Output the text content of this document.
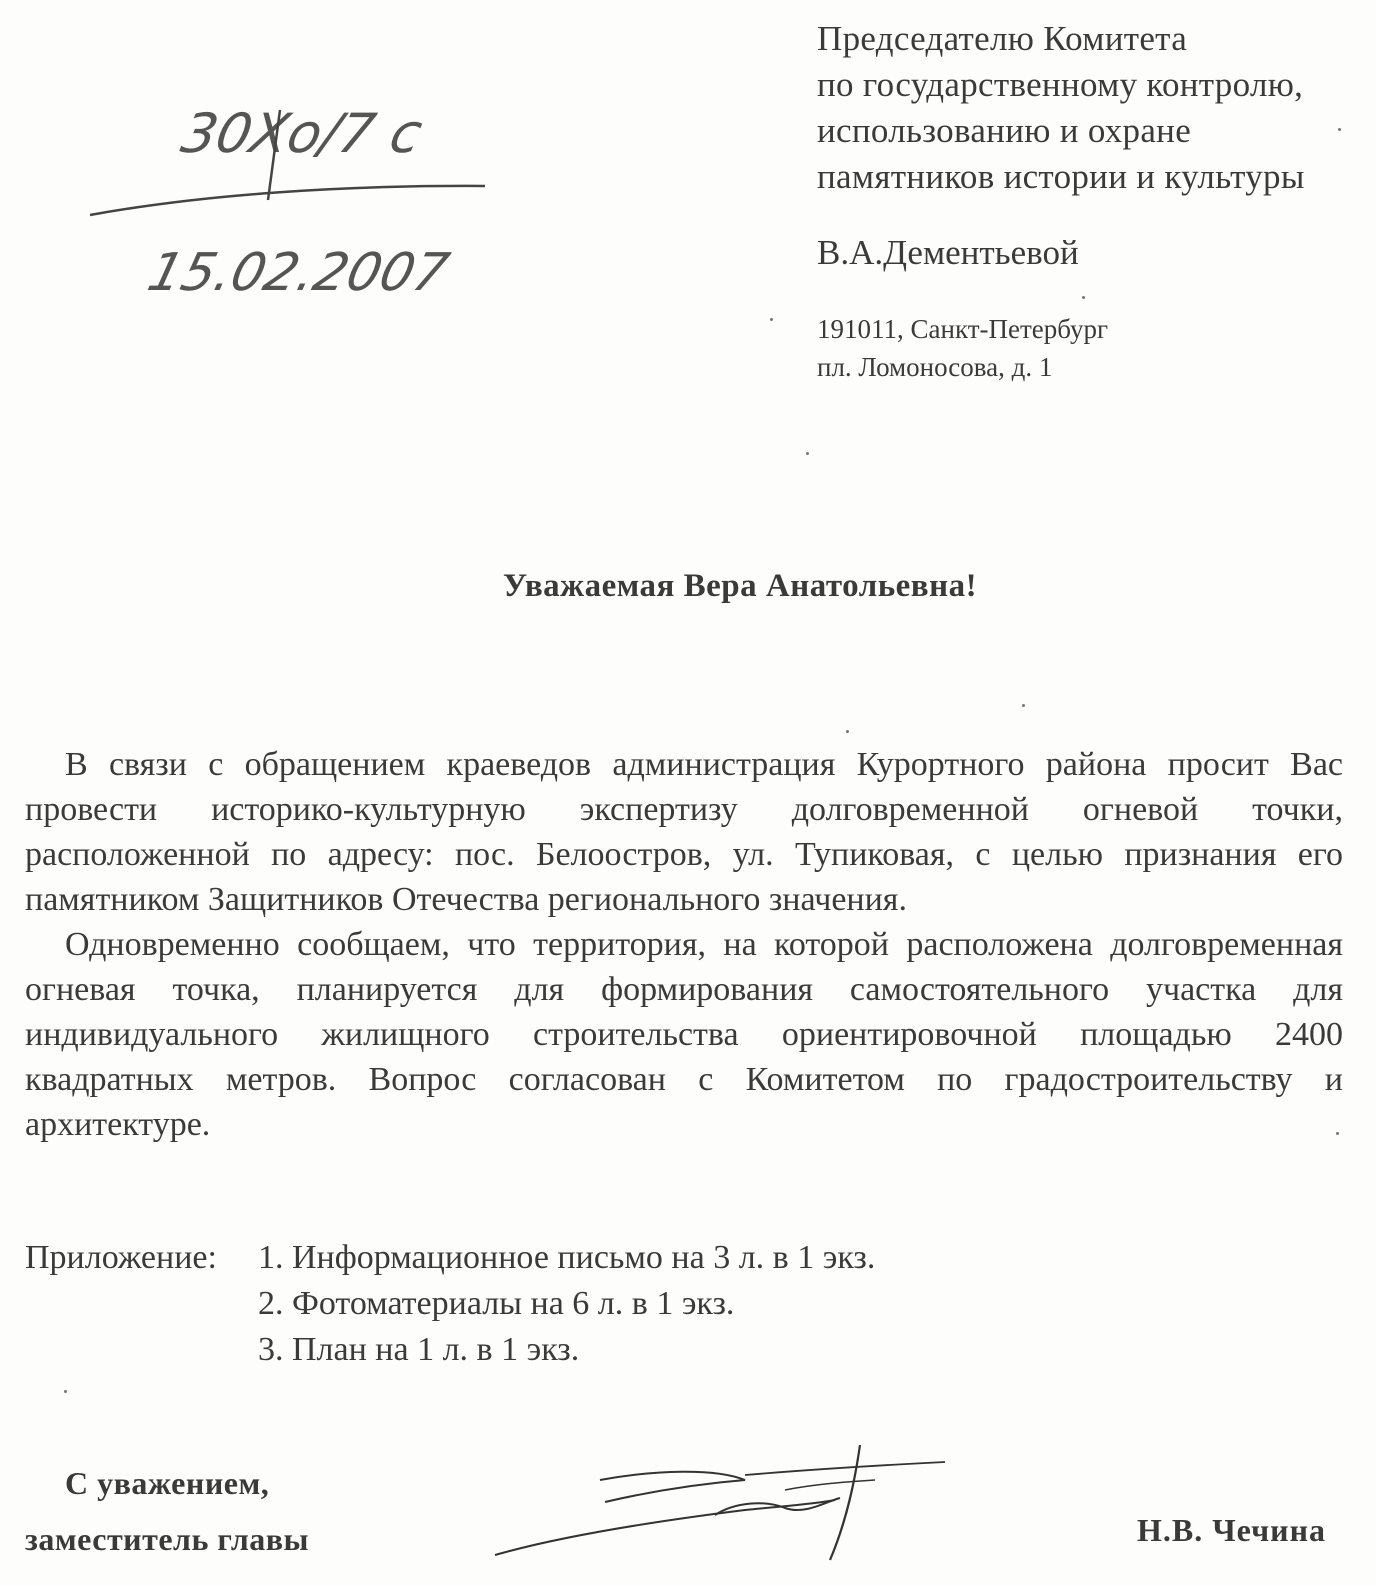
30Хо/7 с
15.02.2007
Председателю Комитета
по государственному контролю,
использованию и охране
памятников истории и культуры
В.А.Дементьевой
191011, Санкт-Петербург
пл. Ломоносова, д. 1
Уважаемая Вера Анатольевна!

В связи с обращением краеведов администрация Курортного района просит Вас провести историко-культурную экспертизу долговременной огневой точки, расположенной по адресу: пос. Белоостров, ул. Тупиковая, с целью признания его памятником Защитников Отечества регионального значения.

Одновременно сообщаем, что территория, на которой расположена долговременная огневая точка, планируется для формирования самостоятельного участка для индивидуального жилищного строительства ориентировочной площадью 2400 квадратных метров. Вопрос согласован с Комитетом по градостроительству и архитектуре.

Приложение:	1. Информационное письмо на 3 л. в 1 экз.
2. Фотоматериалы на 6 л. в 1 экз.
3. План на 1 л. в 1 экз.
С уважением,
заместитель главы	Н.В. Чечина
